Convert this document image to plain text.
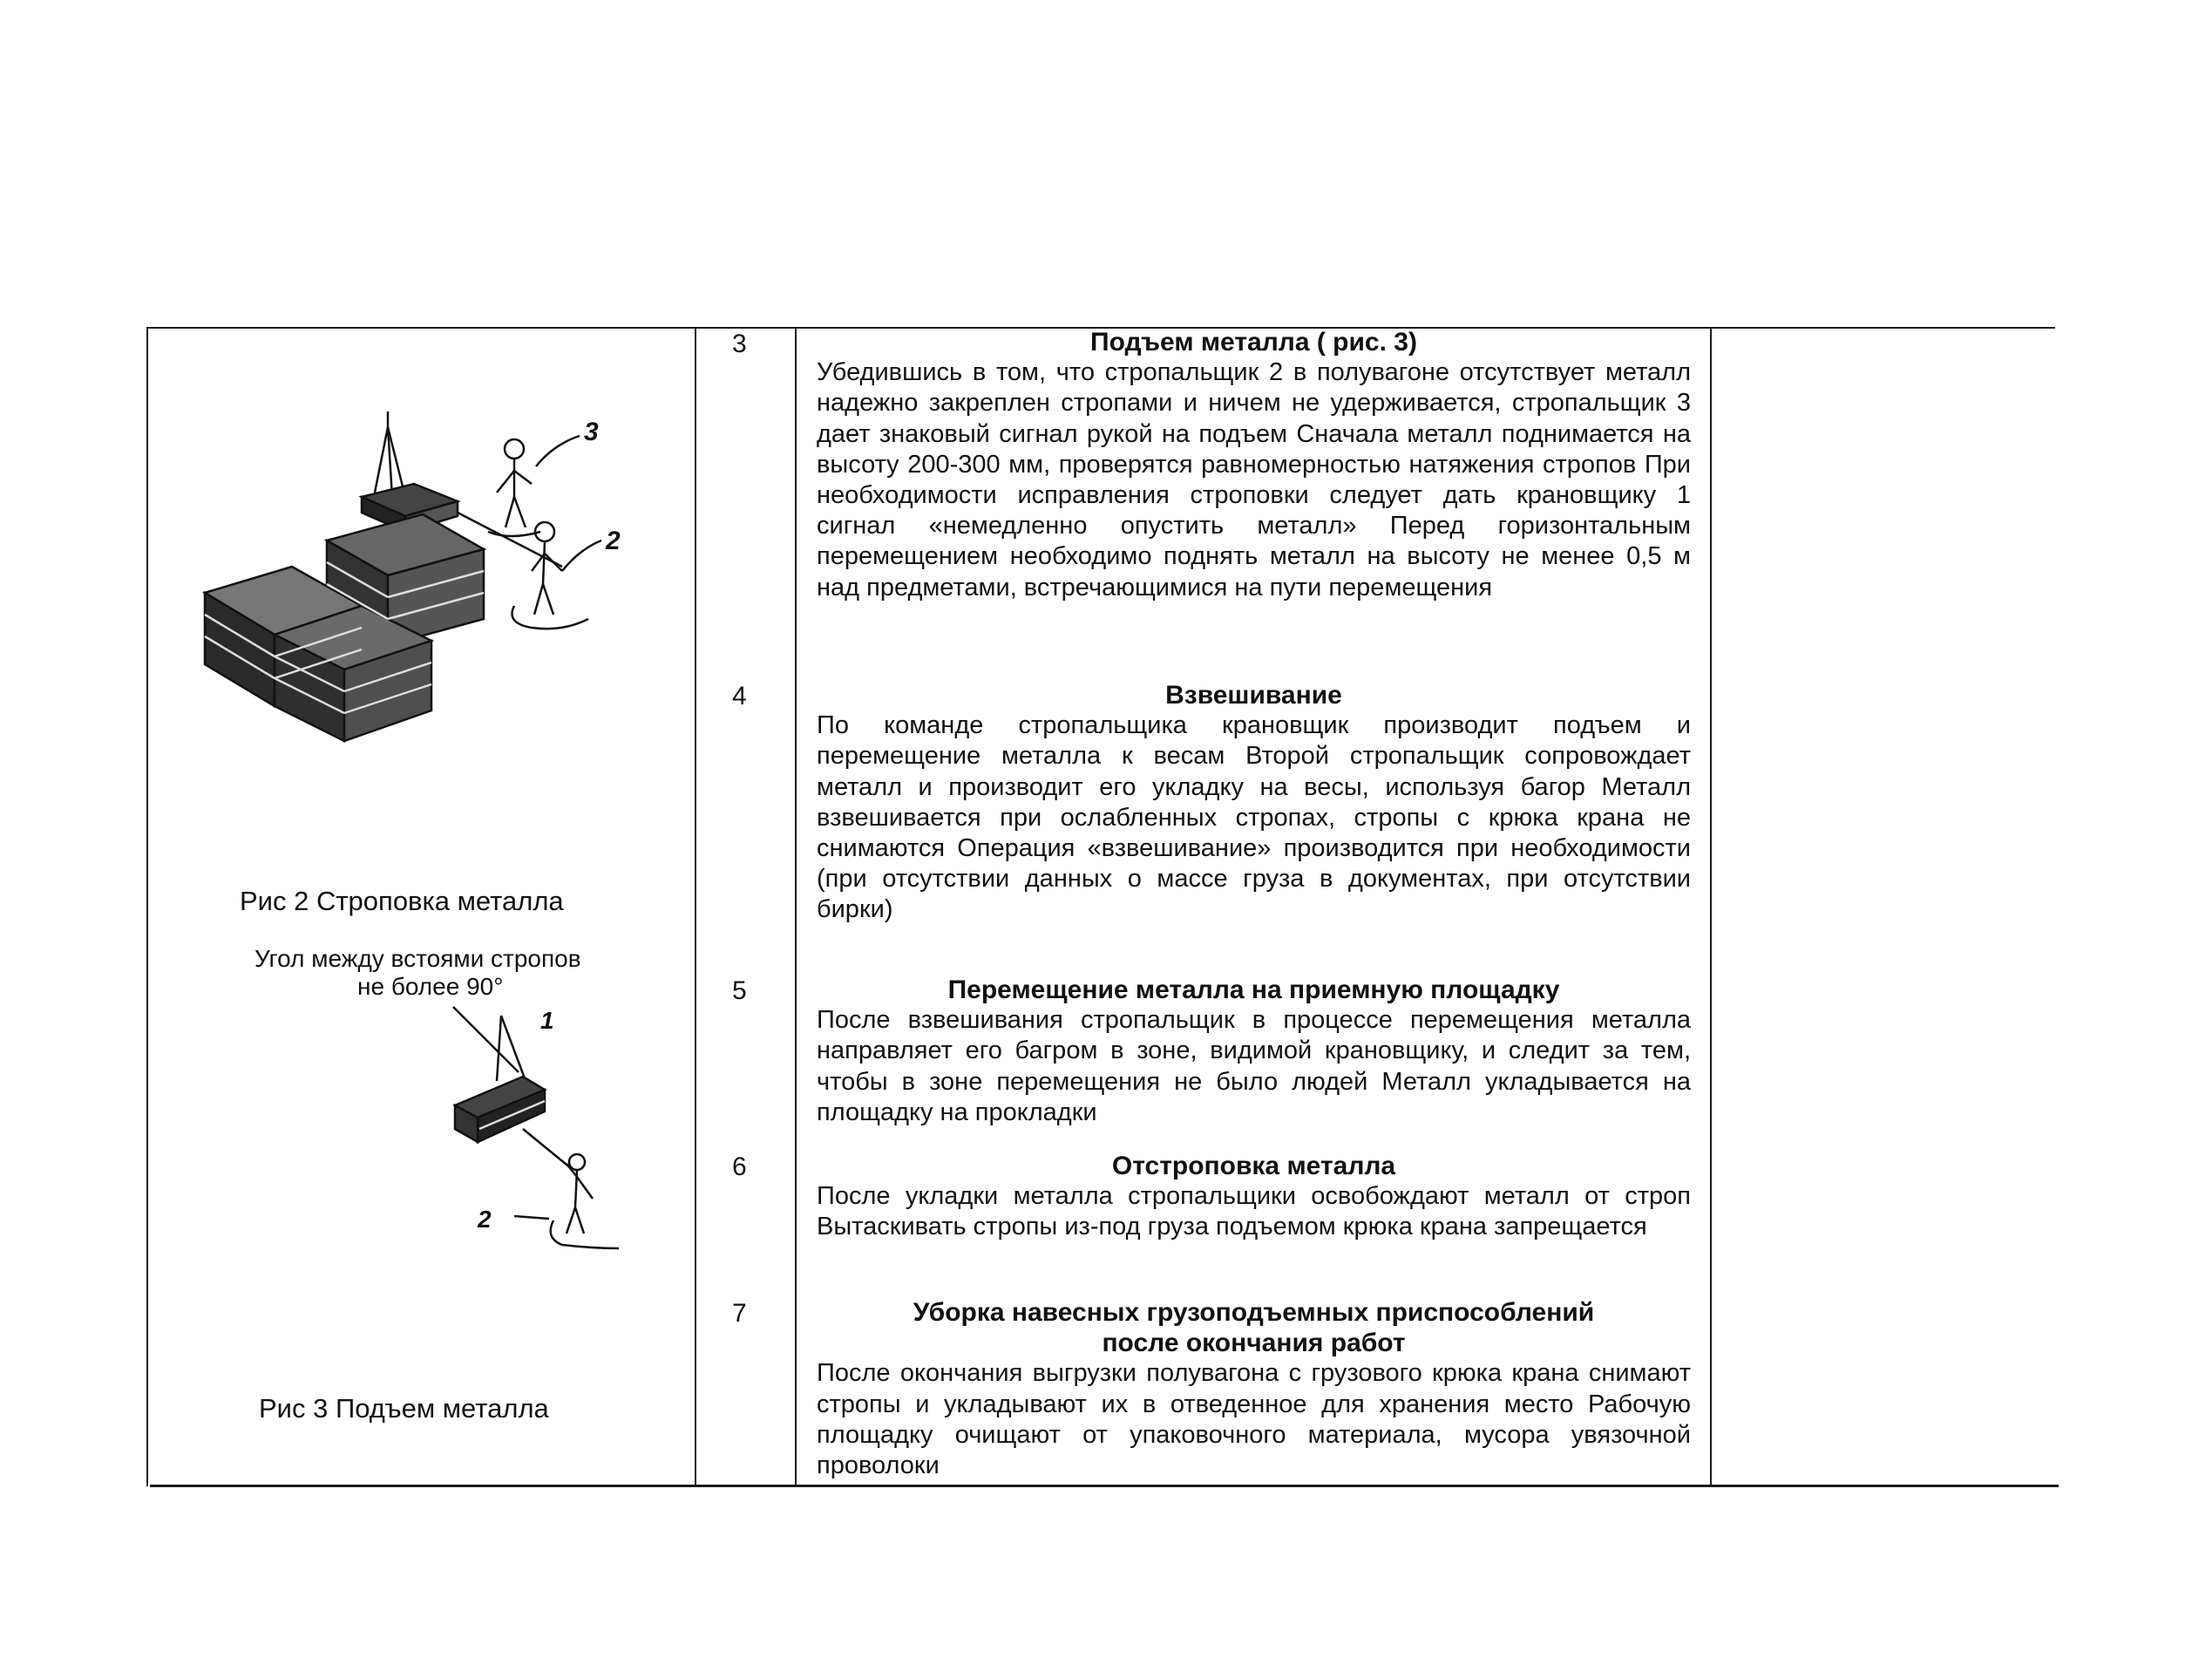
3
2
Рис 2 Строповка металла
Угол между встоями стропов
не более 90°
1
2
Рис 3 Подъем металла
3
4
5
6
7
Подъем металла ( рис. 3)

Убедившись в том, что стропальщик 2 в полувагоне отсутствует металл надежно закреплен стропами и ничем не удерживается, стропальщик 3 дает знаковый сигнал рукой на подъем Сначала металл поднимается на высоту 200-300 мм, проверятся равномерностью натяжения стропов При необходимости исправления строповки следует дать крановщику 1 сигнал «немедленно опустить металл» Перед горизонтальным перемещением необходимо поднять металл на высоту не менее 0,5 м над предметами, встречающимися на пути перемещения

Взвешивание

По команде стропальщика крановщик производит подъем и перемещение металла к весам Второй стропальщик сопровождает металл и производит его укладку на весы, используя багор Металл взвешивается при ослабленных стропах, стропы с крюка крана не снимаются Операция «взвешивание» производится при необходимости (при отсутствии данных о массе груза в документах, при отсутствии бирки)

Перемещение металла на приемную площадку

После взвешивания стропальщик в процессе перемещения металла направляет его багром в зоне, видимой крановщику, и следит за тем, чтобы в зоне перемещения не было людей Металл укладывается на площадку на прокладки

Отстроповка металла

После укладки металла стропальщики освобождают металл от строп Вытаскивать стропы из-под груза подъемом крюка крана запрещается

Уборка навесных грузоподъемных приспособлений после окончания работ

После окончания выгрузки полувагона с грузового крюка крана снимают стропы и укладывают их в отведенное для хранения место Рабочую площадку очищают от упаковочного материала, мусора увязочной проволоки
